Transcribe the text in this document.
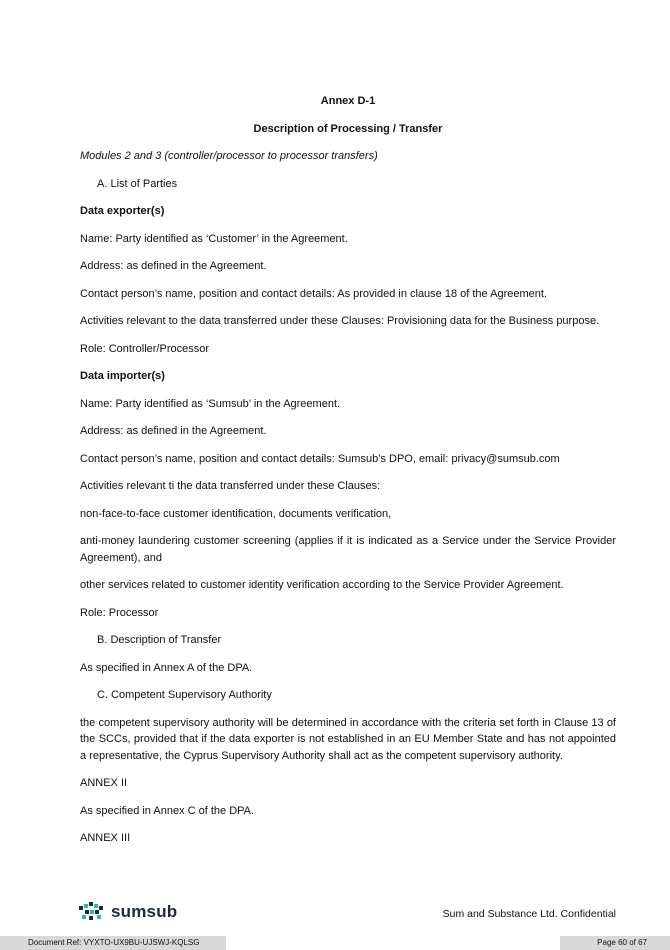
Annex D-1

Description of Processing / Transfer

Modules 2 and 3 (controller/processor to processor transfers)

A. List of Parties

Data exporter(s)

Name: Party identified as ‘Customer’ in the Agreement.

Address: as defined in the Agreement.

Contact person’s name, position and contact details: As provided in clause 18 of the Agreement.

Activities relevant to the data transferred under these Clauses: Provisioning data for the Business purpose.

Role: Controller/Processor

Data importer(s)

Name: Party identified as ‘Sumsub’ in the Agreement.

Address: as defined in the Agreement.

Contact person’s name, position and contact details: Sumsub’s DPO, email: privacy@sumsub.com

Activities relevant ti the data transferred under these Clauses:

non-face-to-face customer identification, documents verification,

anti-money laundering customer screening (applies if it is indicated as a Service under the Service Provider Agreement), and

other services related to customer identity verification according to the Service Provider Agreement.

Role: Processor

B. Description of Transfer

As specified in Annex A of the DPA.

C. Competent Supervisory Authority

the competent supervisory authority will be determined in accordance with the criteria set forth in Clause 13 of the SCCs, provided that if the data exporter is not established in an EU Member State and has not appointed a representative, the Cyprus Supervisory Authority shall act as the competent supervisory authority.

ANNEX II

As specified in Annex C of the DPA.

ANNEX III

sumsub	Sum and Substance Ltd. Confidential
Document Ref: VYXTO-UX9BU-UJSWJ-KQLSG	Page 60 of 67
